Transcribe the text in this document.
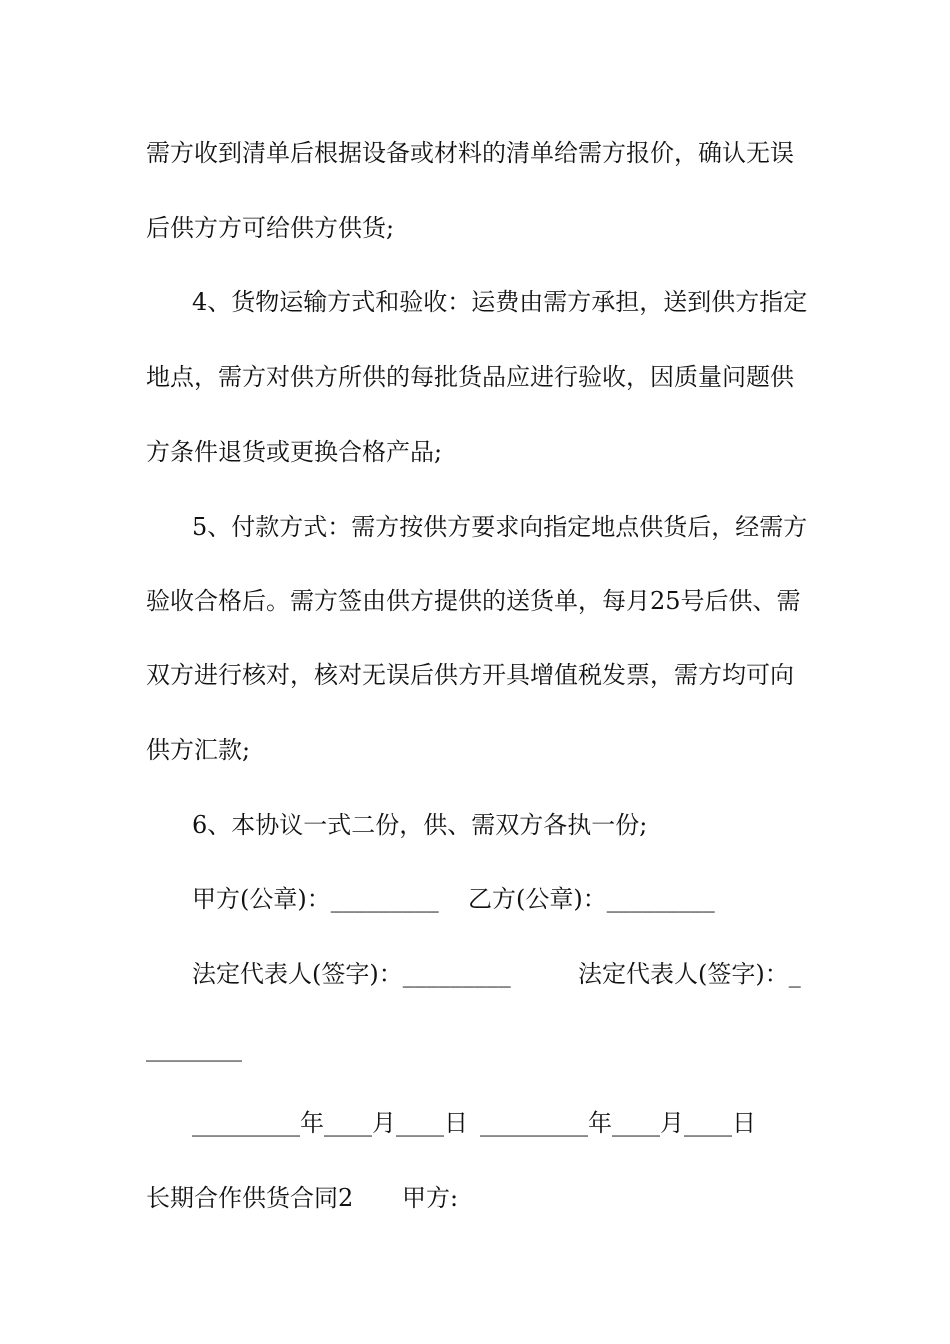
需方收到清单后根据设备或材料的清单给需方报价，确认无误
后供方方可给供方供货;
4、货物运输方式和验收：运费由需方承担，送到供方指定
地点，需方对供方所供的每批货品应进行验收，因质量问题供
方条件退货或更换合格产品;
5、付款方式：需方按供方要求向指定地点供货后，经需方
验收合格后。需方签由供方提供的送货单，每月25号后供、需
双方进行核对，核对无误后供方开具增值税发票，需方均可向
供方汇款;
6、本协议一式二份，供、需双方各执一份;
甲方(公章)：_________ 乙方(公章)：_________
法定代表人(签字)：_________	法定代表人(签字)：_
________
_________年____月____日 _________年____月____日
长期合作供货合同2 甲方:
